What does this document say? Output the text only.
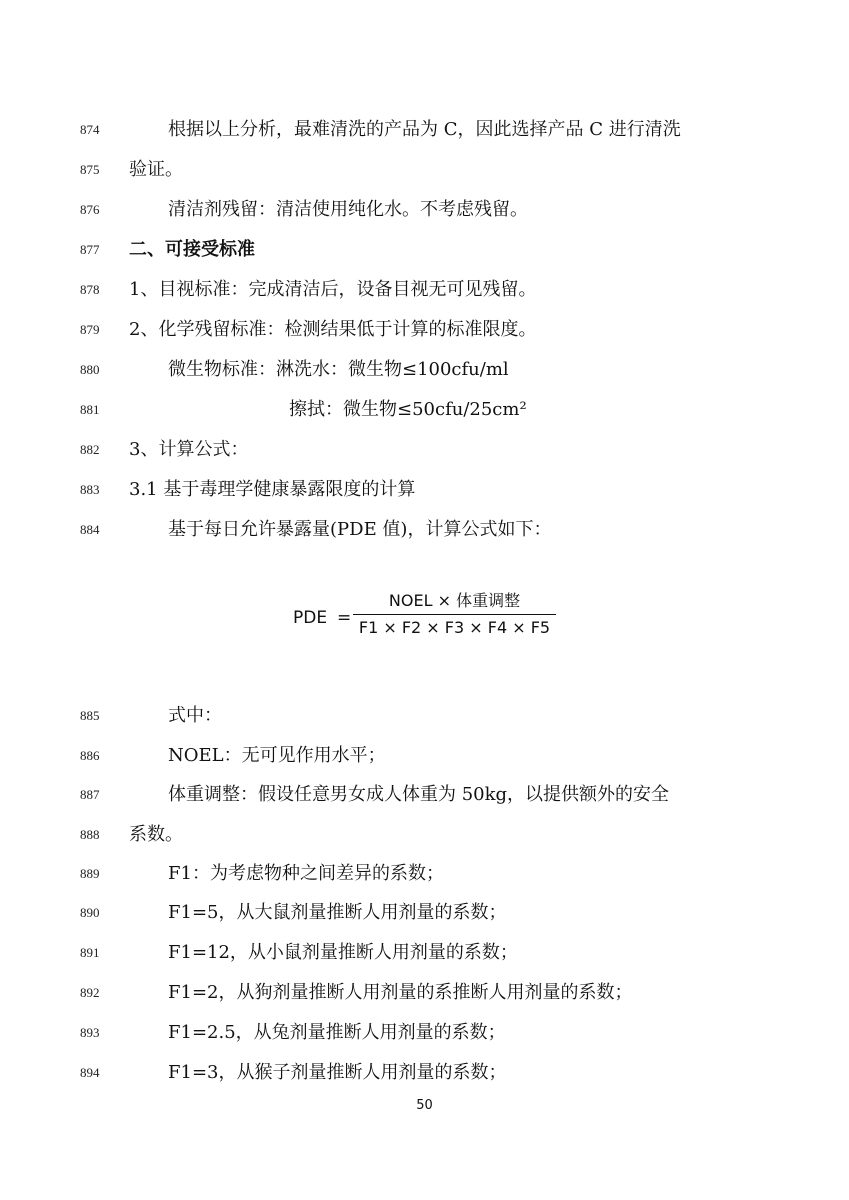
874	根据以上分析，最难清洗的产品为 C，因此选择产品 C 进行清洗
875 验证。
876	清洁剂残留：清洁使用纯化水。不考虑残留。
877 二、可接受标准
878 1、目视标准：完成清洁后，设备目视无可见残留。
879 2、化学残留标准：检测结果低于计算的标准限度。
880	微生物标准：淋洗水：微生物≤100cfu/ml
881	擦拭：微生物≤50cfu/25cm²
882 3、计算公式：
883 3.1 基于毒理学健康暴露限度的计算
884	基于每日允许暴露量(PDE 值)，计算公式如下：
PDE =
NOEL × 体重调整
F1 × F2 × F3 × F4 × F5
885	式中：
886	NOEL：无可见作用水平；
887	体重调整：假设任意男女成人体重为 50kg，以提供额外的安全
888 系数。
889	F1：为考虑物种之间差异的系数；
890	F1=5，从大鼠剂量推断人用剂量的系数；
891	F1=12，从小鼠剂量推断人用剂量的系数；
892	F1=2，从狗剂量推断人用剂量的系推断人用剂量的系数；
893	F1=2.5，从兔剂量推断人用剂量的系数；
894	F1=3，从猴子剂量推断人用剂量的系数；
50
